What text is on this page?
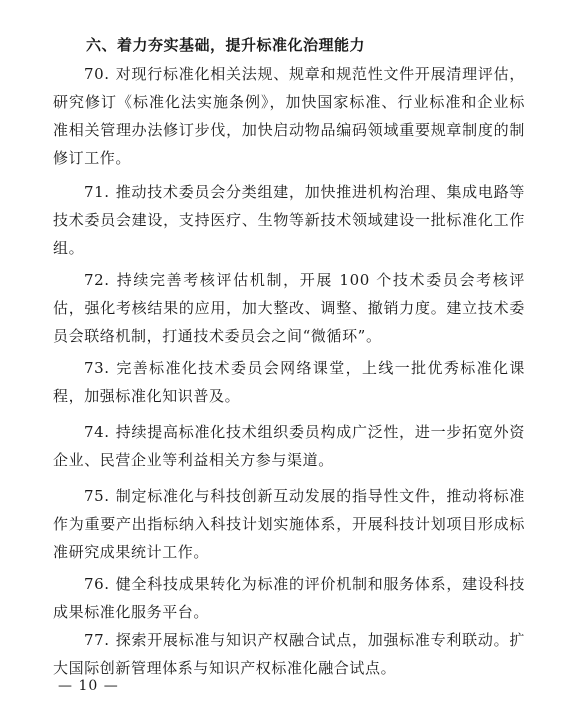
六、着力夯实基础，提升标准化治理能力

70. 对现行标准化相关法规、规章和规范性文件开展清理评估，研究修订《标准化法实施条例》，加快国家标准、行业标准和企业标准相关管理办法修订步伐，加快启动物品编码领域重要规章制度的制修订工作。

71. 推动技术委员会分类组建，加快推进机构治理、集成电路等技术委员会建设，支持医疗、生物等新技术领域建设一批标准化工作组。

72. 持续完善考核评估机制，开展 100 个技术委员会考核评估，强化考核结果的应用，加大整改、调整、撤销力度。建立技术委员会联络机制，打通技术委员会之间“微循环”。

73. 完善标准化技术委员会网络课堂，上线一批优秀标准化课程，加强标准化知识普及。

74. 持续提高标准化技术组织委员构成广泛性，进一步拓宽外资企业、民营企业等利益相关方参与渠道。

75. 制定标准化与科技创新互动发展的指导性文件，推动将标准作为重要产出指标纳入科技计划实施体系，开展科技计划项目形成标准研究成果统计工作。

76. 健全科技成果转化为标准的评价机制和服务体系，建设科技成果标准化服务平台。

77. 探索开展标准与知识产权融合试点，加强标准专利联动。扩大国际创新管理体系与知识产权标准化融合试点。

— 10 —
